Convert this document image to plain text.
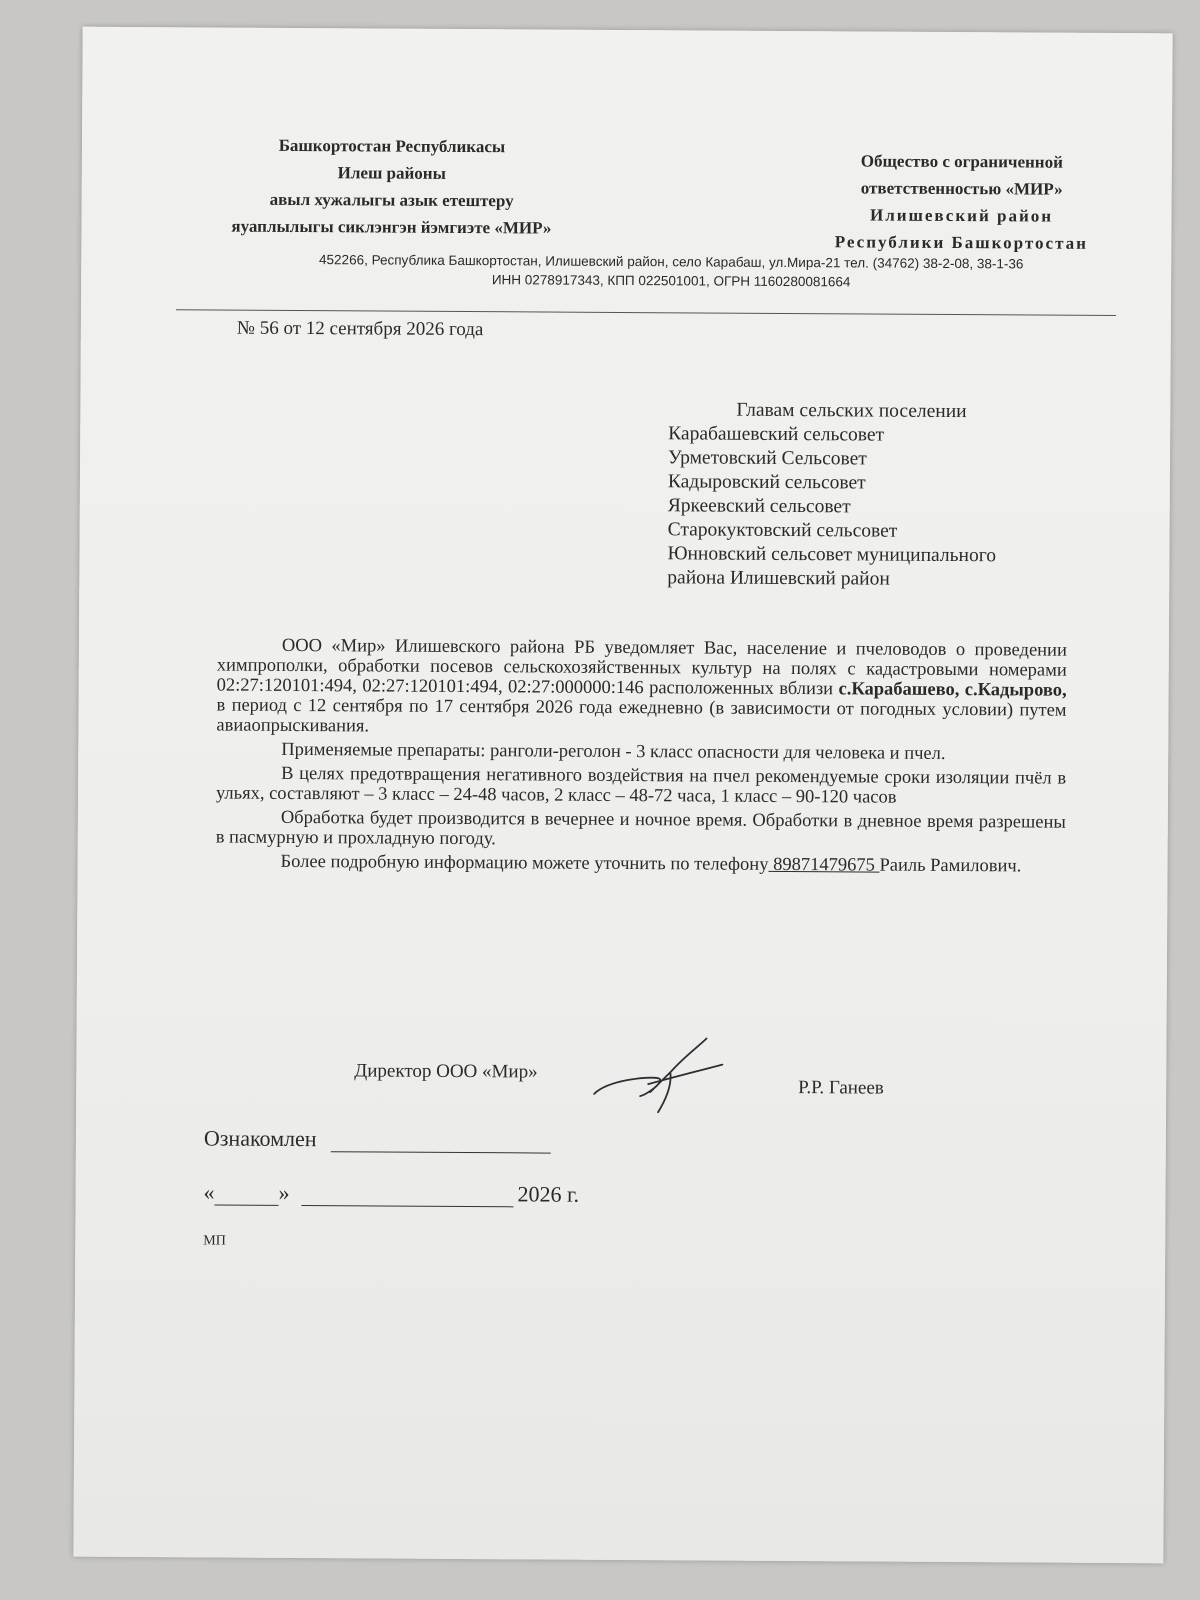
Башкортостан Республикасы
Илеш районы
авыл хужалыгы азык етештеру
яуаплылыгы сиклэнгэн йэмгиэте «МИР»
Общество с ограниченной
ответственностью «МИР»
Илишевский район
Республики Башкортостан
452266, Республика Башкортостан, Илишевский район, село Карабаш, ул.Мира-21 тел. (34762) 38-2-08, 38-1-36
ИНН 0278917343, КПП 022501001, ОГРН 1160280081664
№ 56 от 12 сентября 2026 года
Главам сельских поселении
Карабашевский сельсовет
Урметовский Сельсовет
Кадыровский сельсовет
Яркеевский сельсовет
Старокуктовский сельсовет
Юнновский сельсовет муниципального
района Илишевский район

ООО «Мир» Илишевского района РБ уведомляет Вас, население и пчеловодов о проведении химпрополки, обработки посевов сельскохозяйственных культур на полях с кадастровыми номерами 02:27:120101:494, 02:27:120101:494, 02:27:000000:146 расположенных вблизи с.Карабашево, с.Кадырово, в период с 12 сентября по 17 сентября 2026 года ежедневно (в зависимости от погодных условии) путем авиаопрыскивания.

Применяемые препараты: ранголи-реголон - 3 класс опасности для человека и пчел.

В целях предотвращения негативного воздействия на пчел рекомендуемые сроки изоляции пчёл в ульях, составляют – 3 класс – 24-48 часов, 2 класс – 48-72 часа, 1 класс – 90-120 часов

Обработка будет производится в вечернее и ночное время. Обработки в дневное время разрешены в пасмурную и прохладную погоду.

Более подробную информацию можете уточнить по телефону 89871479675 Раиль Рамилович.

Директор ООО «Мир»
Р.Р. Ганеев
Ознакомлен
«	»	2026 г.
МП
